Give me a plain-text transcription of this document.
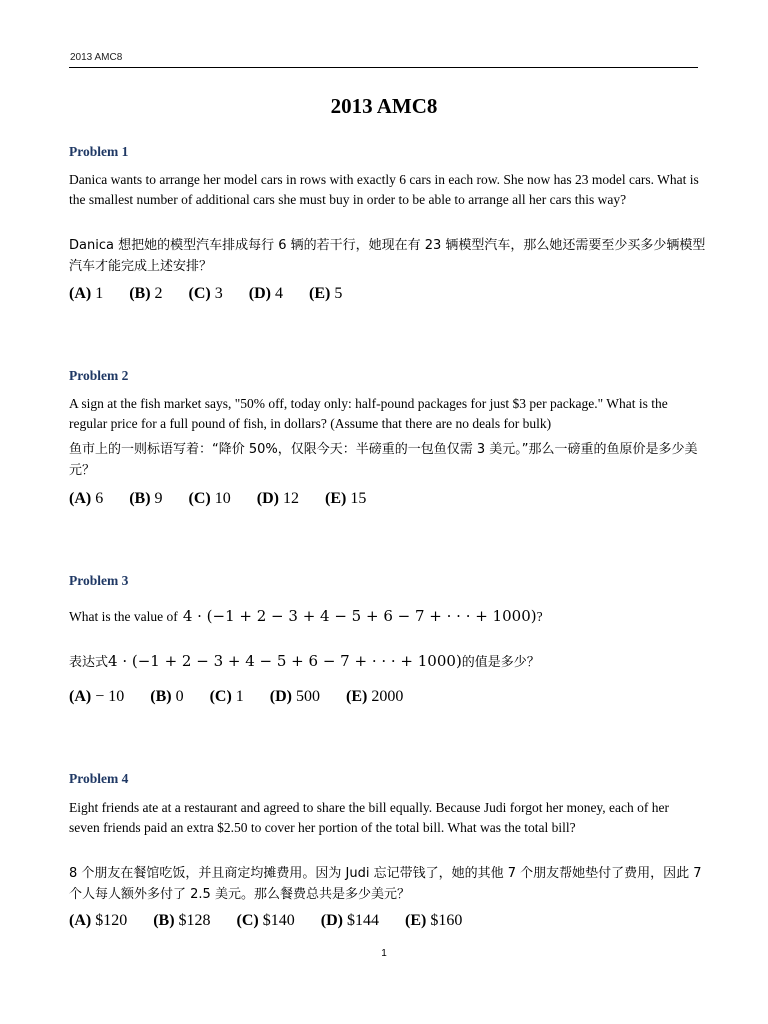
2013 AMC8
2013 AMC8
Problem 1
Danica wants to arrange her model cars in rows with exactly 6 cars in each row. She now has 23 model cars. What is the smallest number of additional cars she must buy in order to be able to arrange all her cars this way?
Danica 想把她的模型汽车排成每行 6 辆的若干行，她现在有 23 辆模型汽车，那么她还需要至少买多少辆模型汽车才能完成上述安排？
(A) 1 (B) 2 (C) 3 (D) 4 (E) 5
Problem 2
A sign at the fish market says, "50% off, today only: half-pound packages for just $3 per package." What is the regular price for a full pound of fish, in dollars? (Assume that there are no deals for bulk)
鱼市上的一则标语写着：“降价 50%，仅限今天：半磅重的一包鱼仅需 3 美元。”那么一磅重的鱼原价是多少美元？
(A) 6 (B) 9 (C) 10 (D) 12 (E) 15
Problem 3
What is the value of 4 · (−1 + 2 − 3 + 4 − 5 + 6 − 7 + · · · + 1000)?
表达式4 · (−1 + 2 − 3 + 4 − 5 + 6 − 7 + · · · + 1000)的值是多少？
(A) − 10 (B) 0 (C) 1 (D) 500 (E) 2000
Problem 4
Eight friends ate at a restaurant and agreed to share the bill equally. Because Judi forgot her money, each of her seven friends paid an extra $2.50 to cover her portion of the total bill. What was the total bill?
8 个朋友在餐馆吃饭，并且商定均摊费用。因为 Judi 忘记带钱了，她的其他 7 个朋友帮她垫付了费用，因此 7 个人每人额外多付了 2.5 美元。那么餐费总共是多少美元？
(A) $120 (B) $128 (C) $140 (D) $144 (E) $160
1
